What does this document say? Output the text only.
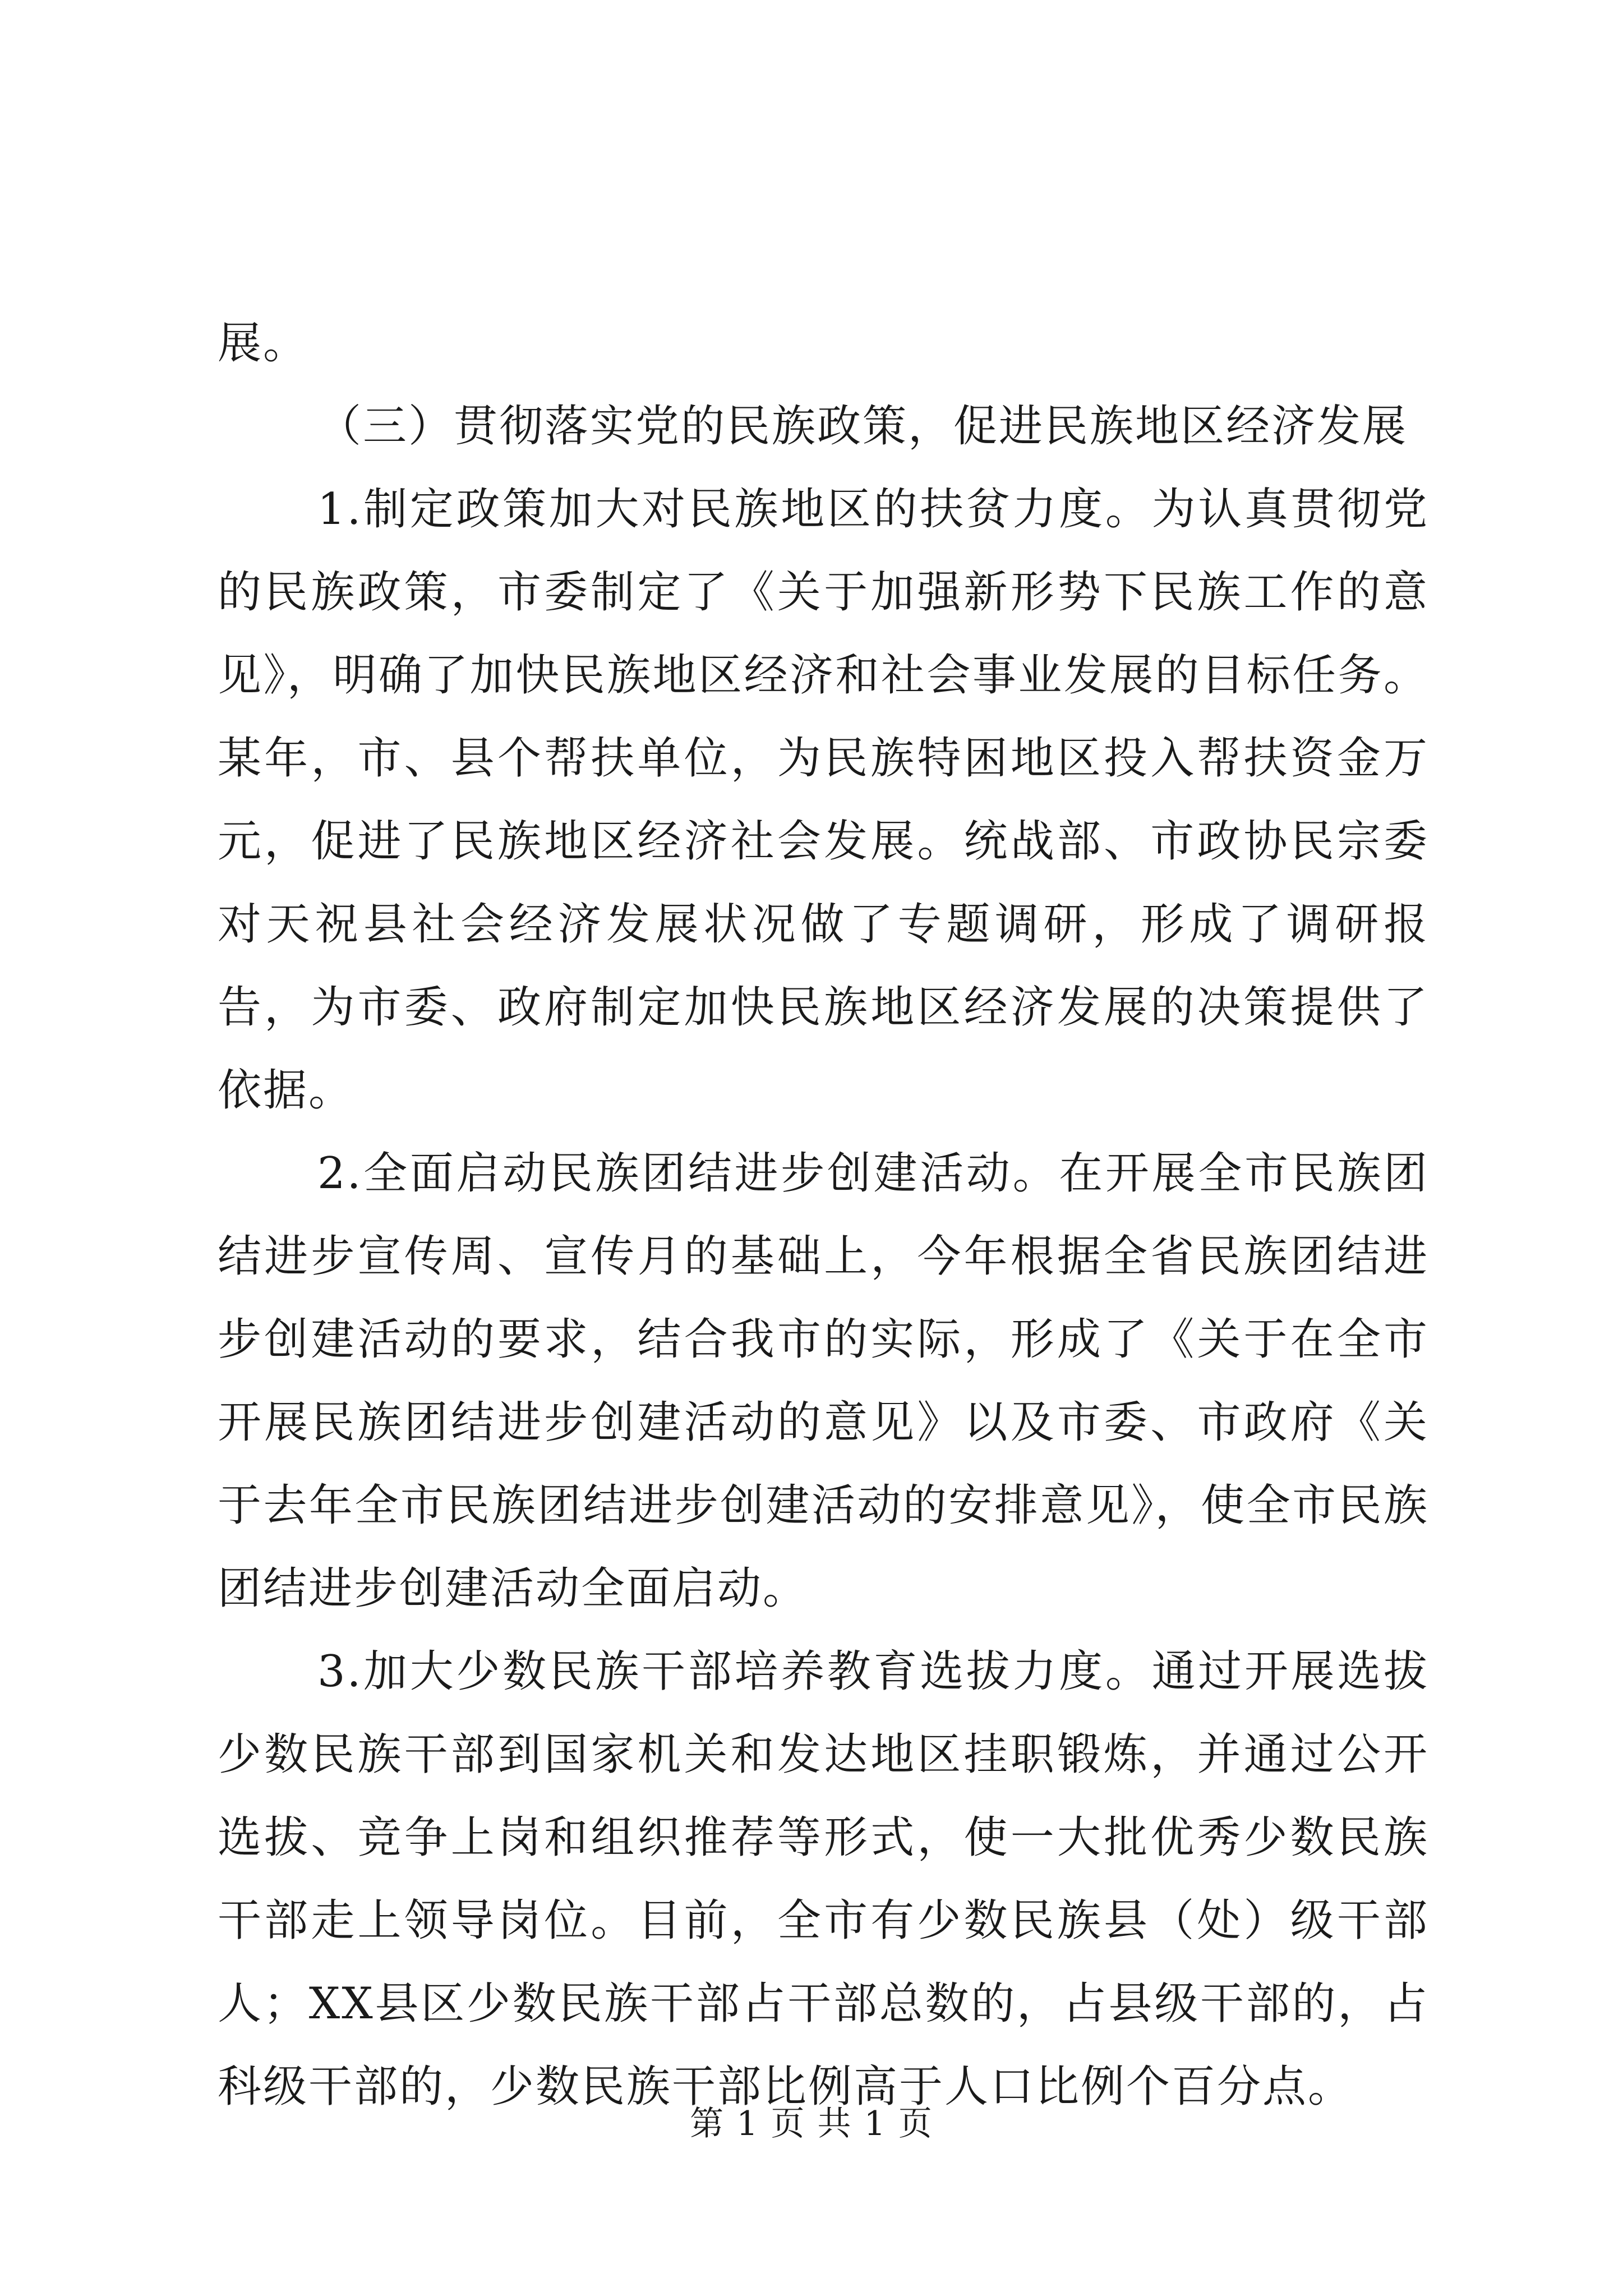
展。

（三）贯彻落实党的民族政策，促进民族地区经济发展

1.制定政策加大对民族地区的扶贫力度。为认真贯彻党的民族政策，市委制定了《关于加强新形势下民族工作的意见》，明确了加快民族地区经济和社会事业发展的目标任务。某年，市、县个帮扶单位，为民族特困地区投入帮扶资金万元，促进了民族地区经济社会发展。统战部、市政协民宗委对天祝县社会经济发展状况做了专题调研，形成了调研报告，为市委、政府制定加快民族地区经济发展的决策提供了依据。

2.全面启动民族团结进步创建活动。在开展全市民族团结进步宣传周、宣传月的基础上，今年根据全省民族团结进步创建活动的要求，结合我市的实际，形成了《关于在全市开展民族团结进步创建活动的意见》以及市委、市政府《关于去年全市民族团结进步创建活动的安排意见》，使全市民族团结进步创建活动全面启动。

3.加大少数民族干部培养教育选拔力度。通过开展选拔少数民族干部到国家机关和发达地区挂职锻炼，并通过公开选拔、竞争上岗和组织推荐等形式，使一大批优秀少数民族干部走上领导岗位。目前，全市有少数民族县（处）级干部人；XX县区少数民族干部占干部总数的，占县级干部的，占科级干部的，少数民族干部比例高于人口比例个百分点。

第 1 页 共 1 页
